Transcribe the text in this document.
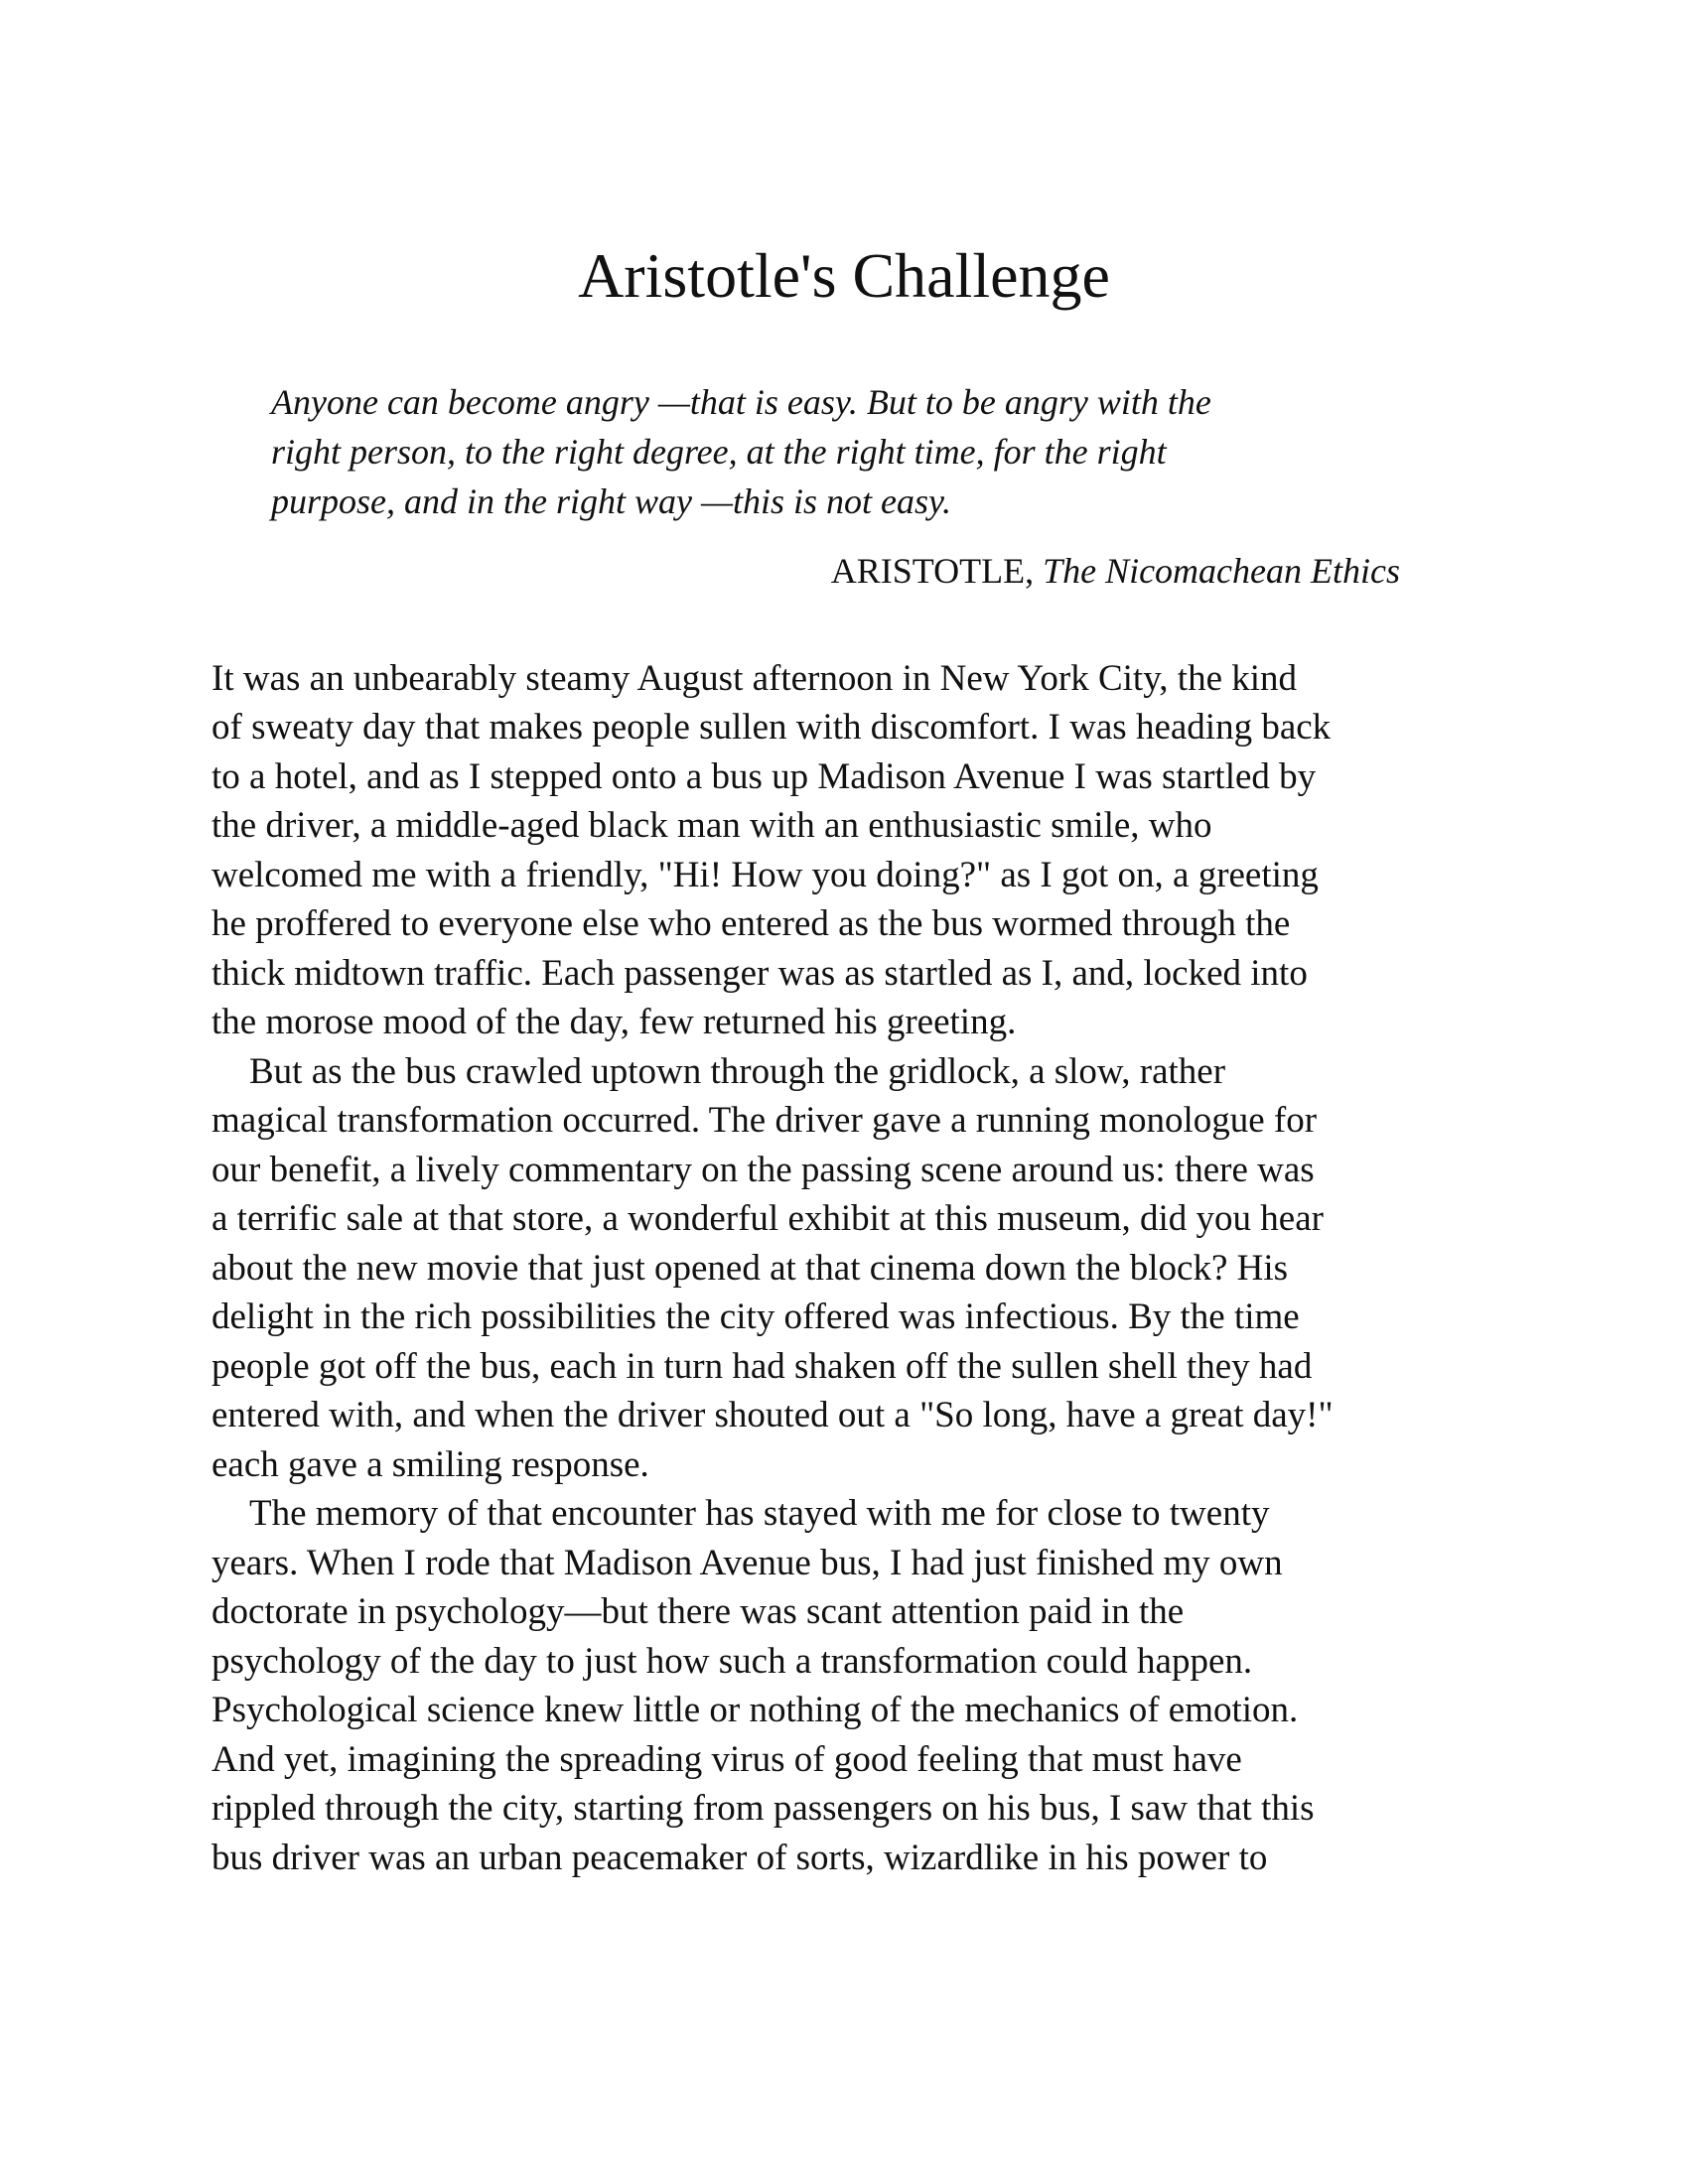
Aristotle's Challenge
Anyone can become angry —that is easy. But to be angry with the
right person, to the right degree, at the right time, for the right
purpose, and in the right way —this is not easy.
ARISTOTLE, The Nicomachean Ethics
It was an unbearably steamy August afternoon in New York City, the kind
of sweaty day that makes people sullen with discomfort. I was heading back
to a hotel, and as I stepped onto a bus up Madison Avenue I was startled by
the driver, a middle-aged black man with an enthusiastic smile, who
welcomed me with a friendly, "Hi! How you doing?" as I got on, a greeting
he proffered to everyone else who entered as the bus wormed through the
thick midtown traffic. Each passenger was as startled as I, and, locked into
the morose mood of the day, few returned his greeting.
But as the bus crawled uptown through the gridlock, a slow, rather
magical transformation occurred. The driver gave a running monologue for
our benefit, a lively commentary on the passing scene around us: there was
a terrific sale at that store, a wonderful exhibit at this museum, did you hear
about the new movie that just opened at that cinema down the block? His
delight in the rich possibilities the city offered was infectious. By the time
people got off the bus, each in turn had shaken off the sullen shell they had
entered with, and when the driver shouted out a "So long, have a great day!"
each gave a smiling response.
The memory of that encounter has stayed with me for close to twenty
years. When I rode that Madison Avenue bus, I had just finished my own
doctorate in psychology—but there was scant attention paid in the
psychology of the day to just how such a transformation could happen.
Psychological science knew little or nothing of the mechanics of emotion.
And yet, imagining the spreading virus of good feeling that must have
rippled through the city, starting from passengers on his bus, I saw that this
bus driver was an urban peacemaker of sorts, wizardlike in his power to
